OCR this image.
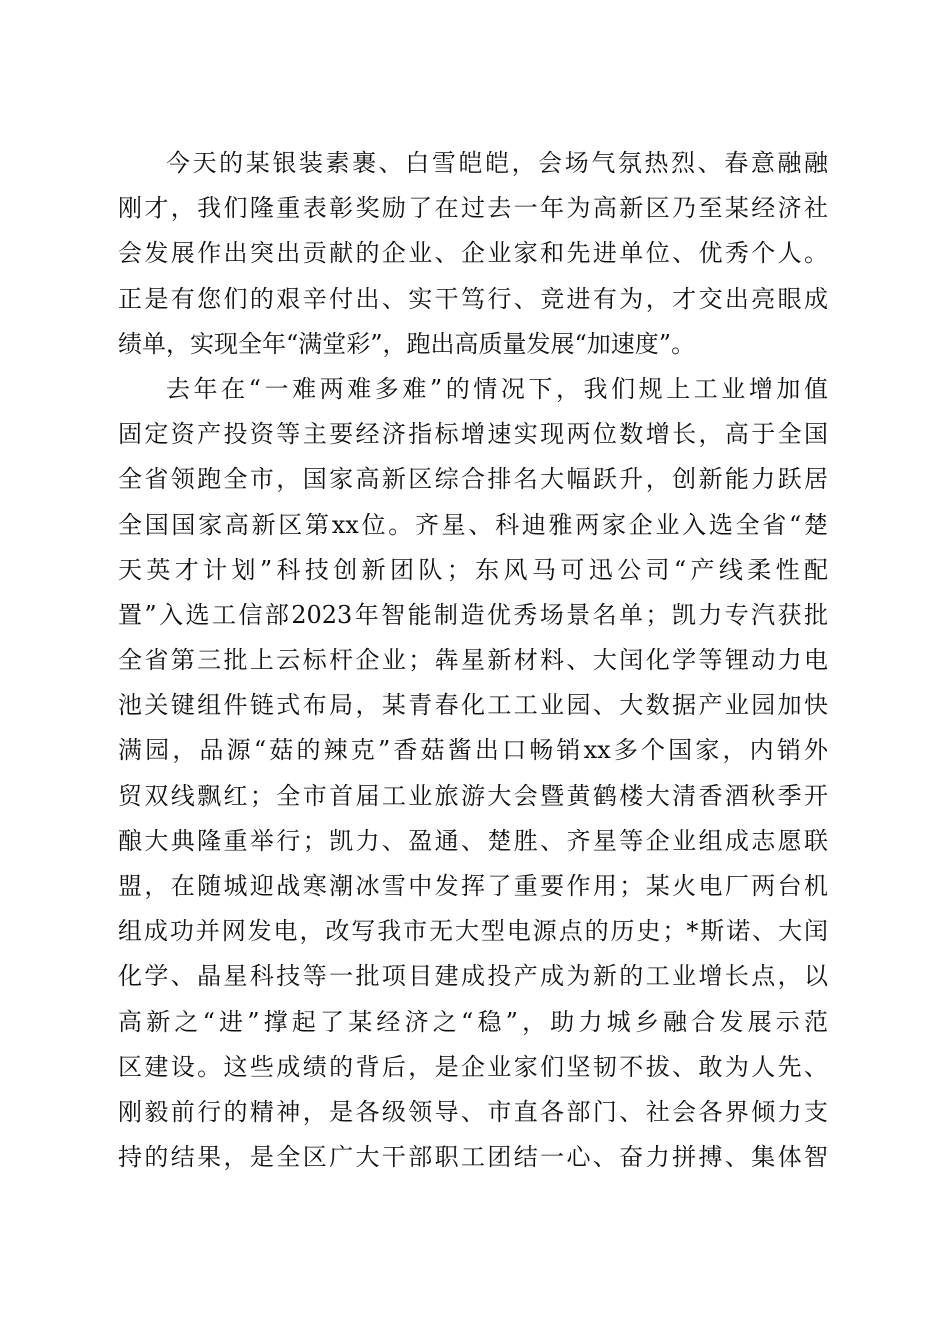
今天的某银装素裹、白雪皑皑，会场气氛热烈、春意融融
刚才，我们隆重表彰奖励了在过去一年为高新区乃至某经济社
会发展作出突出贡献的企业、企业家和先进单位、优秀个人。
正是有您们的艰辛付出、实干笃行、竞进有为，才交出亮眼成
绩单，实现全年“满堂彩”，跑出高质量发展“加速度”。
去年在“一难两难多难”的情况下，我们规上工业增加值
固定资产投资等主要经济指标增速实现两位数增长，高于全国
全省领跑全市，国家高新区综合排名大幅跃升，创新能力跃居
全国国家高新区第xx位。齐星、科迪雅两家企业入选全省“楚
天英才计划”科技创新团队；东风马可迅公司“产线柔性配
置”入选工信部2023年智能制造优秀场景名单；凯力专汽获批
全省第三批上云标杆企业；犇星新材料、大闰化学等锂动力电
池关键组件链式布局，某青春化工工业园、大数据产业园加快
满园，品源“菇的辣克”香菇酱出口畅销xx多个国家，内销外
贸双线飘红；全市首届工业旅游大会暨黄鹤楼大清香酒秋季开
酿大典隆重举行；凯力、盈通、楚胜、齐星等企业组成志愿联
盟，在随城迎战寒潮冰雪中发挥了重要作用；某火电厂两台机
组成功并网发电，改写我市无大型电源点的历史；*斯诺、大闰
化学、晶星科技等一批项目建成投产成为新的工业增长点，以
高新之“进”撑起了某经济之“稳”，助力城乡融合发展示范
区建设。这些成绩的背后，是企业家们坚韧不拔、敢为人先、
刚毅前行的精神，是各级领导、市直各部门、社会各界倾力支
持的结果，是全区广大干部职工团结一心、奋力拼搏、集体智
